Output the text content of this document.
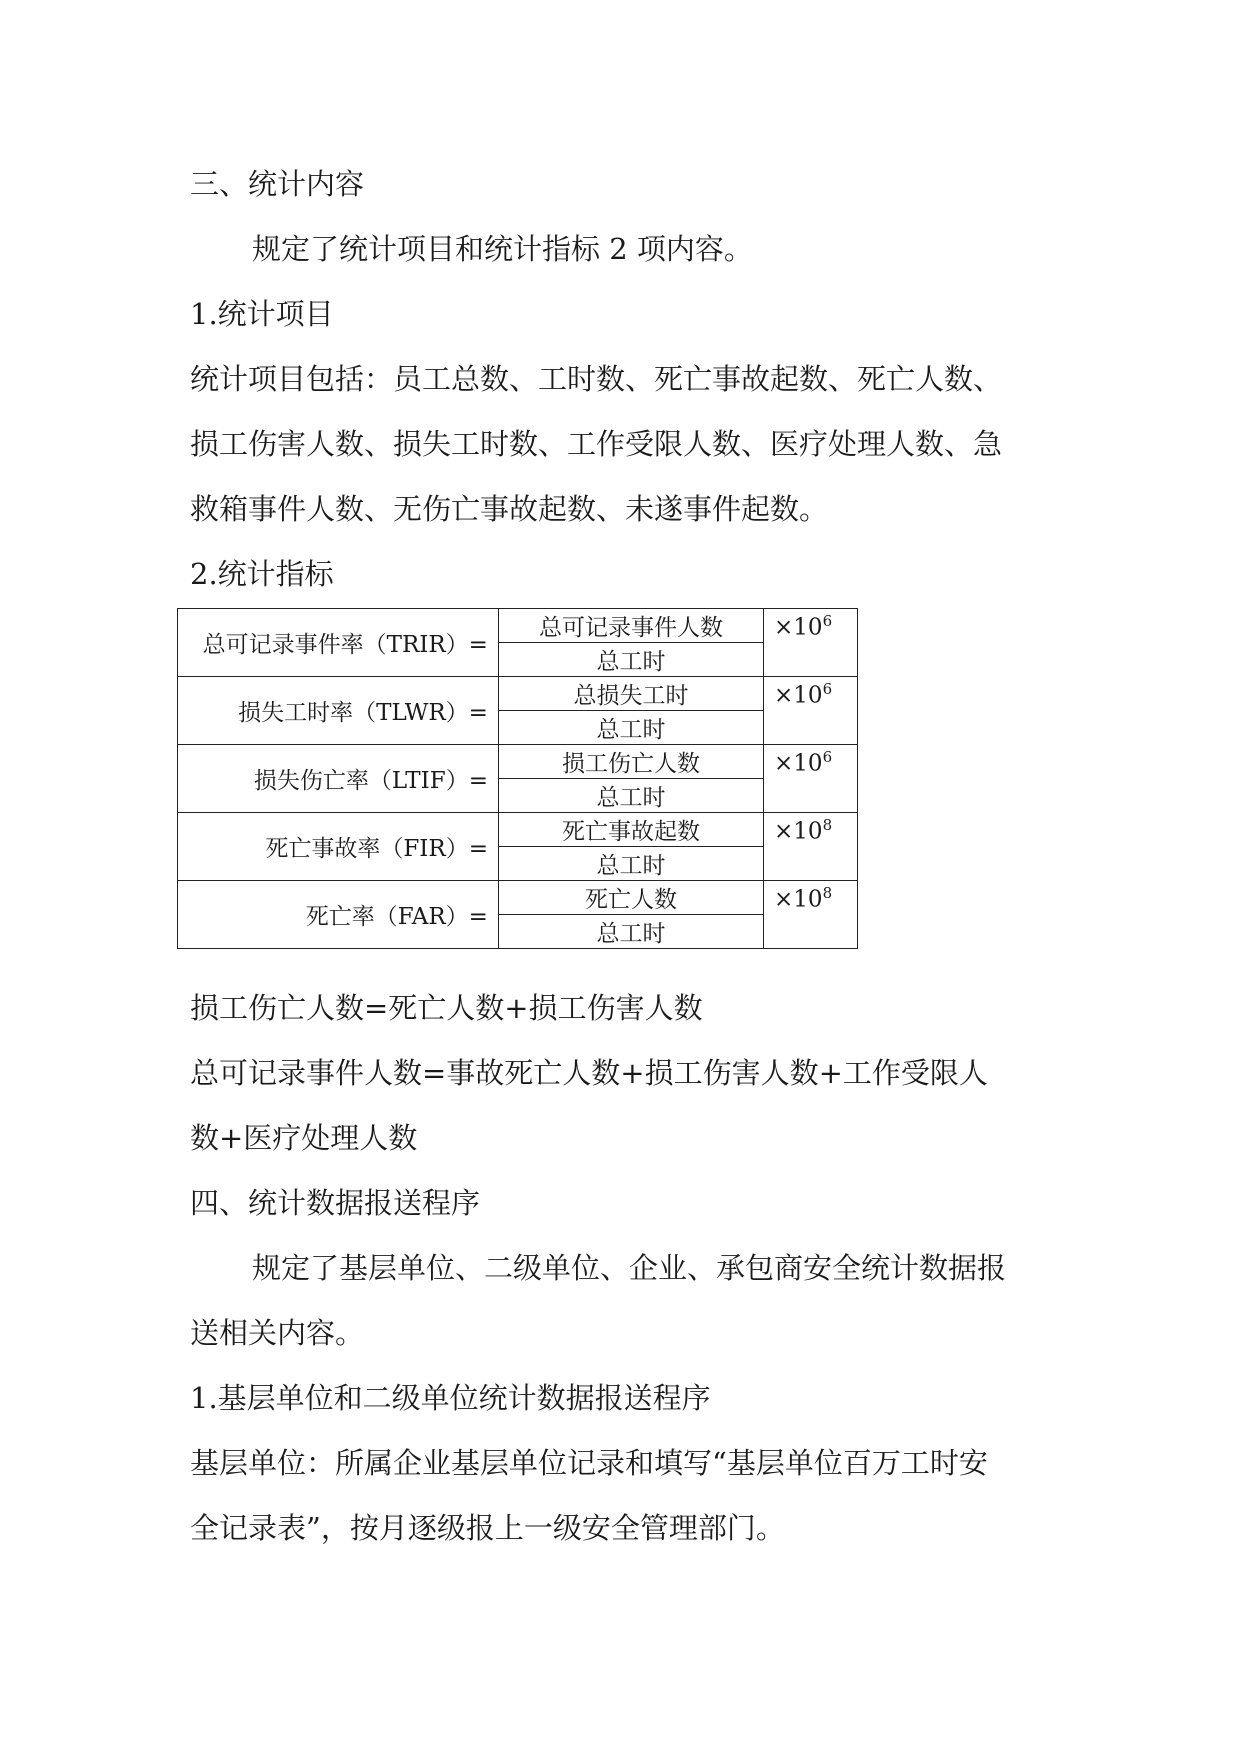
三、统计内容
规定了统计项目和统计指标 2 项内容。
1.统计项目
统计项目包括：员工总数、工时数、死亡事故起数、死亡人数、
损工伤害人数、损失工时数、工作受限人数、医疗处理人数、急
救箱事件人数、无伤亡事故起数、未遂事件起数。
2.统计指标
总可记录事件率（TRIR）=	总可记录事件人数	$\times 10^6$
	总工时	
损失工时率（TLWR）=	总损失工时	$\times 10^6$
	总工时	
损失伤亡率（LTIF）=	损工伤亡人数	$\times 10^6$
	总工时	
死亡事故率（FIR）=	死亡事故起数	$\times 10^8$
	总工时	
死亡率（FAR）=	死亡人数	$\times 10^8$
	总工时	
损工伤亡人数=死亡人数+损工伤害人数
总可记录事件人数=事故死亡人数+损工伤害人数+工作受限人
数+医疗处理人数
四、统计数据报送程序
规定了基层单位、二级单位、企业、承包商安全统计数据报
送相关内容。
1.基层单位和二级单位统计数据报送程序
基层单位：所属企业基层单位记录和填写“基层单位百万工时安
全记录表”，按月逐级报上一级安全管理部门。
